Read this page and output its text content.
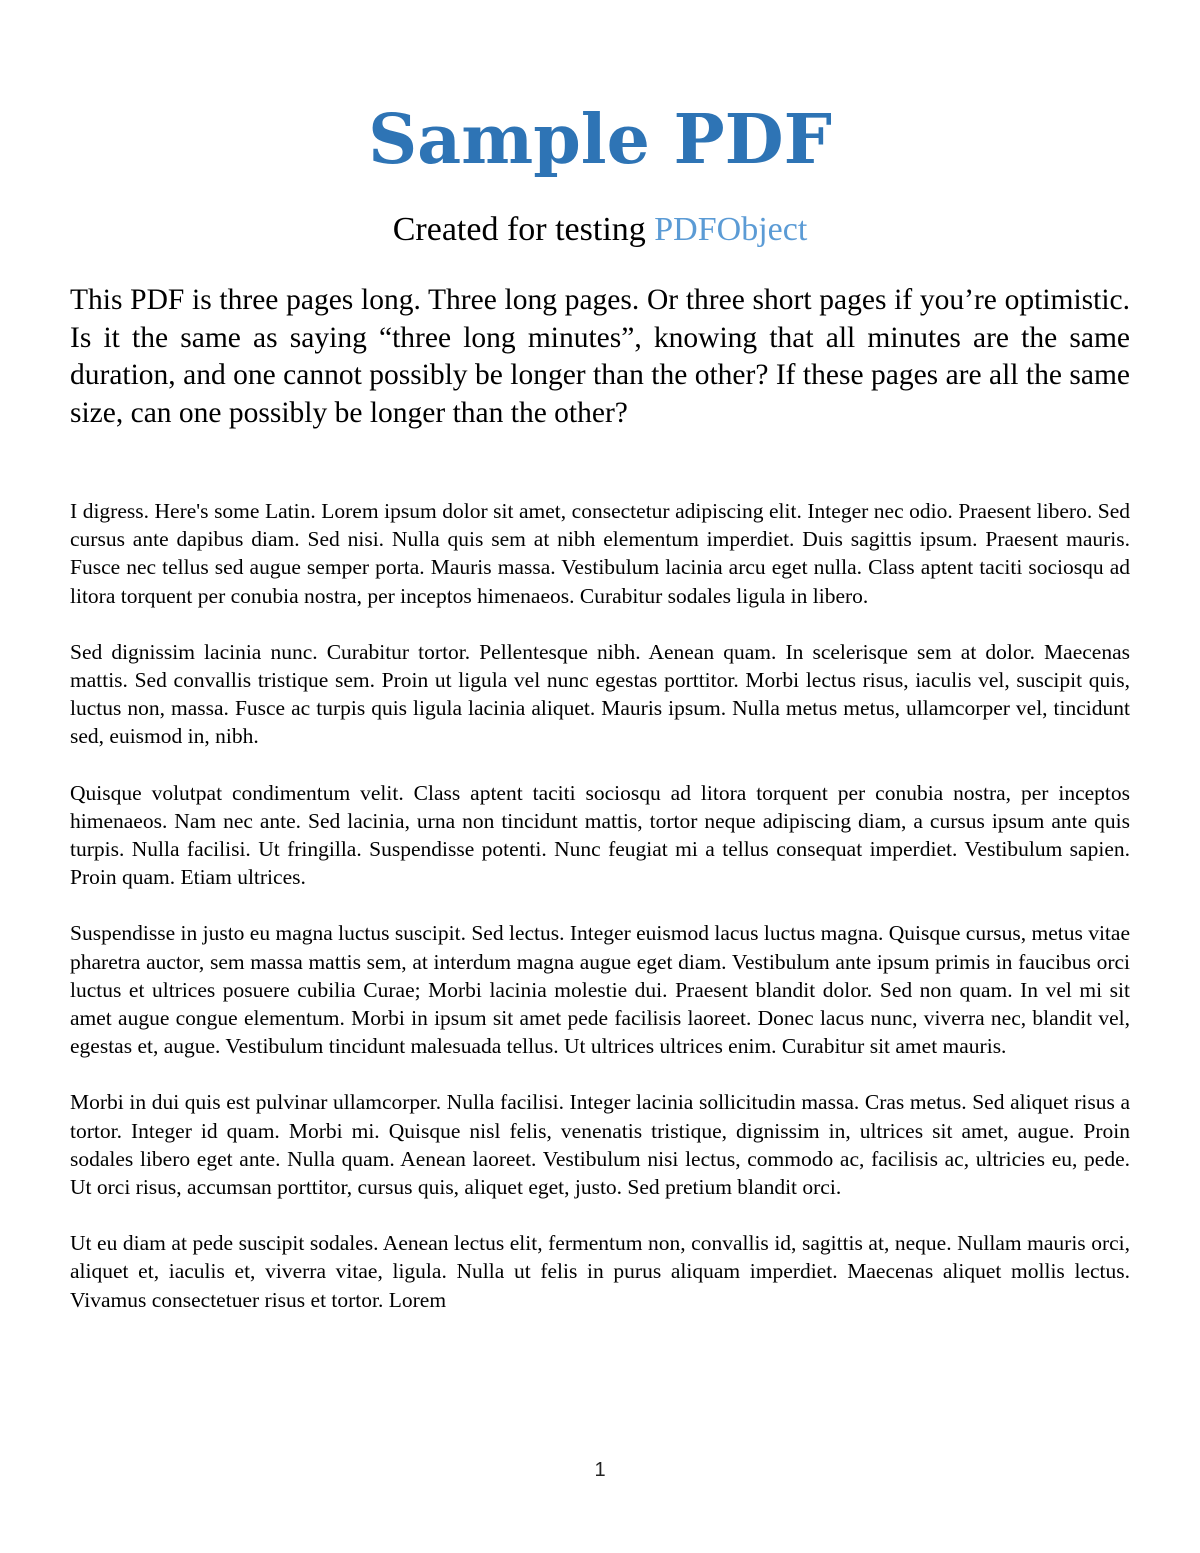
Sample PDF
Created for testing PDFObject

This PDF is three pages long. Three long pages. Or three short pages if you’re optimistic. Is it the same as saying “three long minutes”, knowing that all minutes are the same duration, and one cannot possibly be longer than the other? If these pages are all the same size, can one possibly be longer than the other?

I digress. Here's some Latin. Lorem ipsum dolor sit amet, consectetur adipiscing elit. Integer nec odio. Praesent libero. Sed cursus ante dapibus diam. Sed nisi. Nulla quis sem at nibh elementum imperdiet. Duis sagittis ipsum. Praesent mauris. Fusce nec tellus sed augue semper porta. Mauris massa. Vestibulum lacinia arcu eget nulla. Class aptent taciti sociosqu ad litora torquent per conubia nostra, per inceptos himenaeos. Curabitur sodales ligula in libero.

Sed dignissim lacinia nunc. Curabitur tortor. Pellentesque nibh. Aenean quam. In scelerisque sem at dolor. Maecenas mattis. Sed convallis tristique sem. Proin ut ligula vel nunc egestas porttitor. Morbi lectus risus, iaculis vel, suscipit quis, luctus non, massa. Fusce ac turpis quis ligula lacinia aliquet. Mauris ipsum. Nulla metus metus, ullamcorper vel, tincidunt sed, euismod in, nibh.

Quisque volutpat condimentum velit. Class aptent taciti sociosqu ad litora torquent per conubia nostra, per inceptos himenaeos. Nam nec ante. Sed lacinia, urna non tincidunt mattis, tortor neque adipiscing diam, a cursus ipsum ante quis turpis. Nulla facilisi. Ut fringilla. Suspendisse potenti. Nunc feugiat mi a tellus consequat imperdiet. Vestibulum sapien. Proin quam. Etiam ultrices.

Suspendisse in justo eu magna luctus suscipit. Sed lectus. Integer euismod lacus luctus magna. Quisque cursus, metus vitae pharetra auctor, sem massa mattis sem, at interdum magna augue eget diam. Vestibulum ante ipsum primis in faucibus orci luctus et ultrices posuere cubilia Curae; Morbi lacinia molestie dui. Praesent blandit dolor. Sed non quam. In vel mi sit amet augue congue elementum. Morbi in ipsum sit amet pede facilisis laoreet. Donec lacus nunc, viverra nec, blandit vel, egestas et, augue. Vestibulum tincidunt malesuada tellus. Ut ultrices ultrices enim. Curabitur sit amet mauris.

Morbi in dui quis est pulvinar ullamcorper. Nulla facilisi. Integer lacinia sollicitudin massa. Cras metus. Sed aliquet risus a tortor. Integer id quam. Morbi mi. Quisque nisl felis, venenatis tristique, dignissim in, ultrices sit amet, augue. Proin sodales libero eget ante. Nulla quam. Aenean laoreet. Vestibulum nisi lectus, commodo ac, facilisis ac, ultricies eu, pede. Ut orci risus, accumsan porttitor, cursus quis, aliquet eget, justo. Sed pretium blandit orci.

Ut eu diam at pede suscipit sodales. Aenean lectus elit, fermentum non, convallis id, sagittis at, neque. Nullam mauris orci, aliquet et, iaculis et, viverra vitae, ligula. Nulla ut felis in purus aliquam imperdiet. Maecenas aliquet mollis lectus. Vivamus consectetuer risus et tortor. Lorem

1
